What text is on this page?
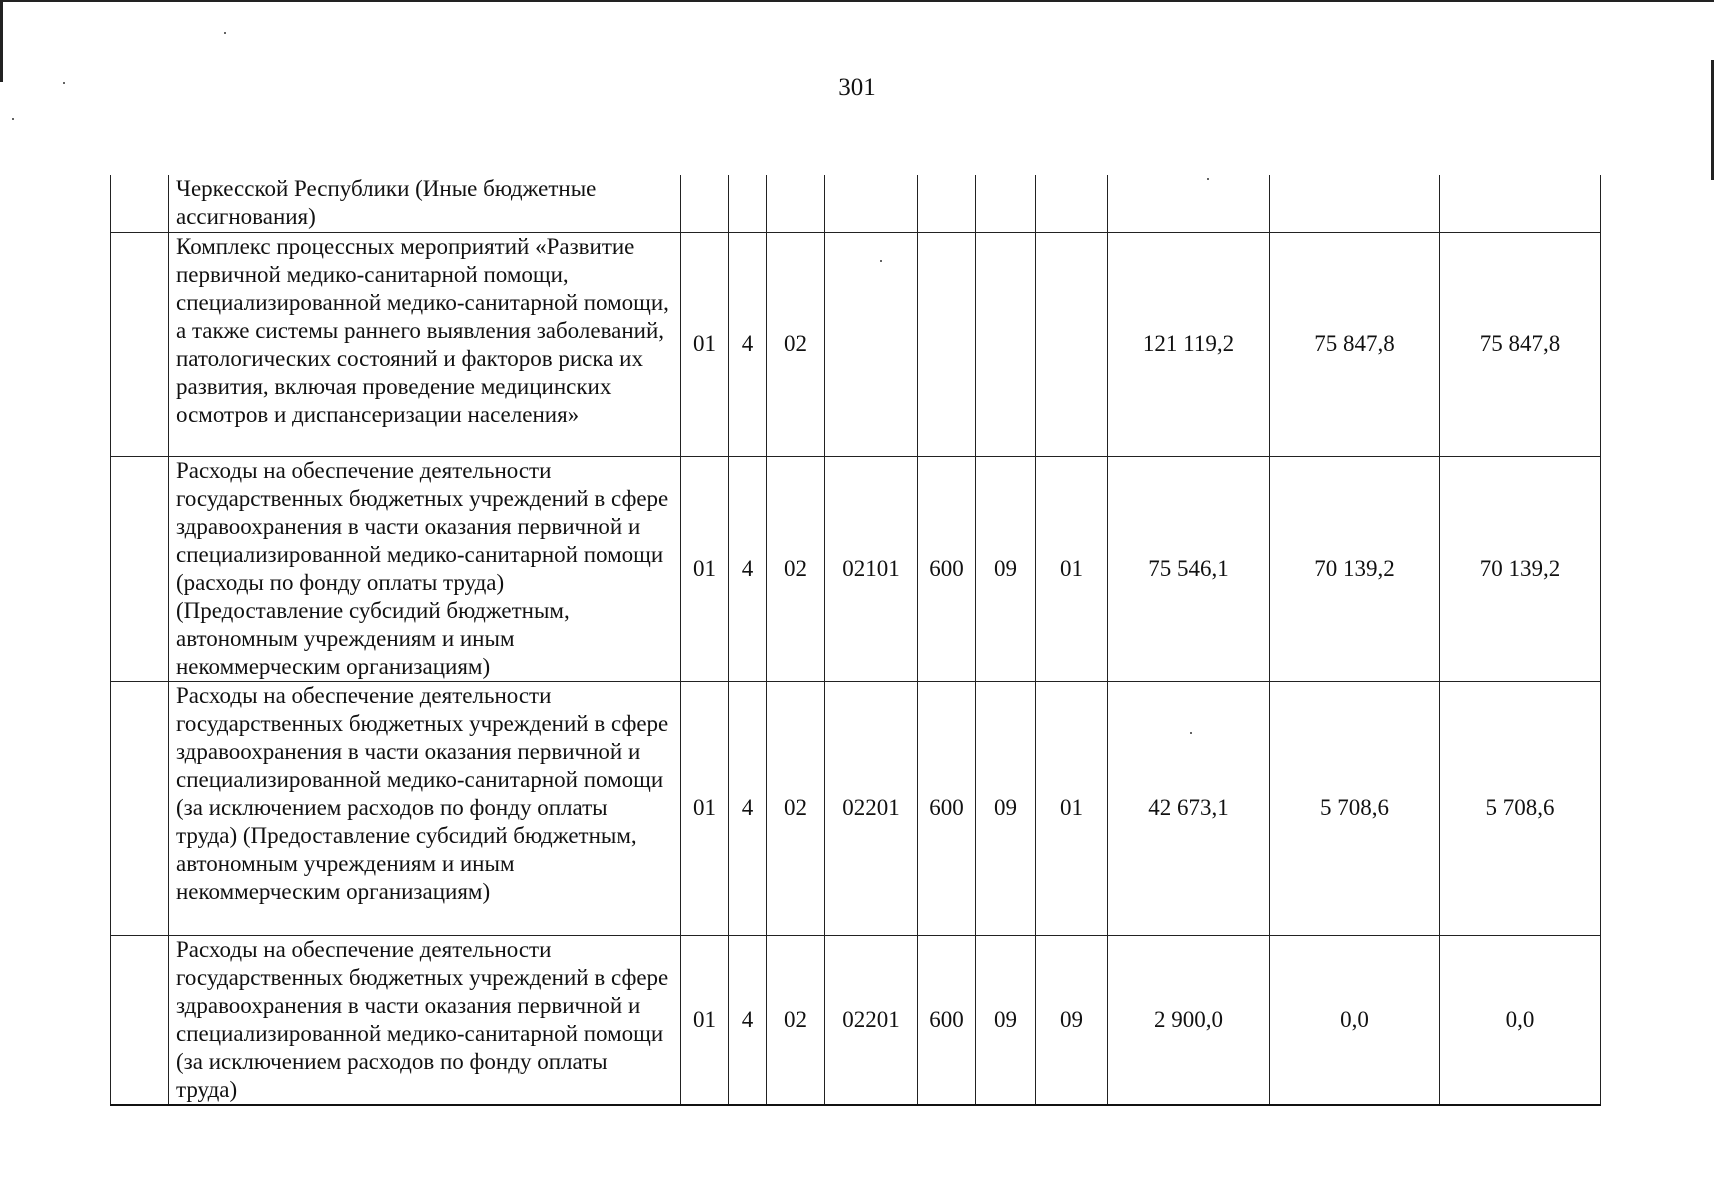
301
	Черкесской Республики (Иные бюджетные ассигнования)										
	Комплекс процессных мероприятий «Развитие первичной медико-санитарной помощи, специализированной медико-санитарной помощи, а также системы раннего выявления заболеваний, патологических состояний и факторов риска их развития, включая проведение медицинских осмотров и диспансеризации населения»	01	4	02					121 119,2	75 847,8	75 847,8
	Расходы на обеспечение деятельности государственных бюджетных учреждений в сфере здравоохранения в части оказания первичной и специализированной медико-санитарной помощи (расходы по фонду оплаты труда) (Предоставление субсидий бюджетным, автономным учреждениям и иным некоммерческим организациям)	01	4	02	02101	600	09	01	75 546,1	70 139,2	70 139,2
	Расходы на обеспечение деятельности государственных бюджетных учреждений в сфере здравоохранения в части оказания первичной и специализированной медико-санитарной помощи (за исключением расходов по фонду оплаты труда) (Предоставление субсидий бюджетным, автономным учреждениям и иным некоммерческим организациям)	01	4	02	02201	600	09	01	42 673,1	5 708,6	5 708,6
	Расходы на обеспечение деятельности государственных бюджетных учреждений в сфере здравоохранения в части оказания первичной и специализированной медико-санитарной помощи (за исключением расходов по фонду оплаты труда)	01	4	02	02201	600	09	09	2 900,0	0,0	0,0
